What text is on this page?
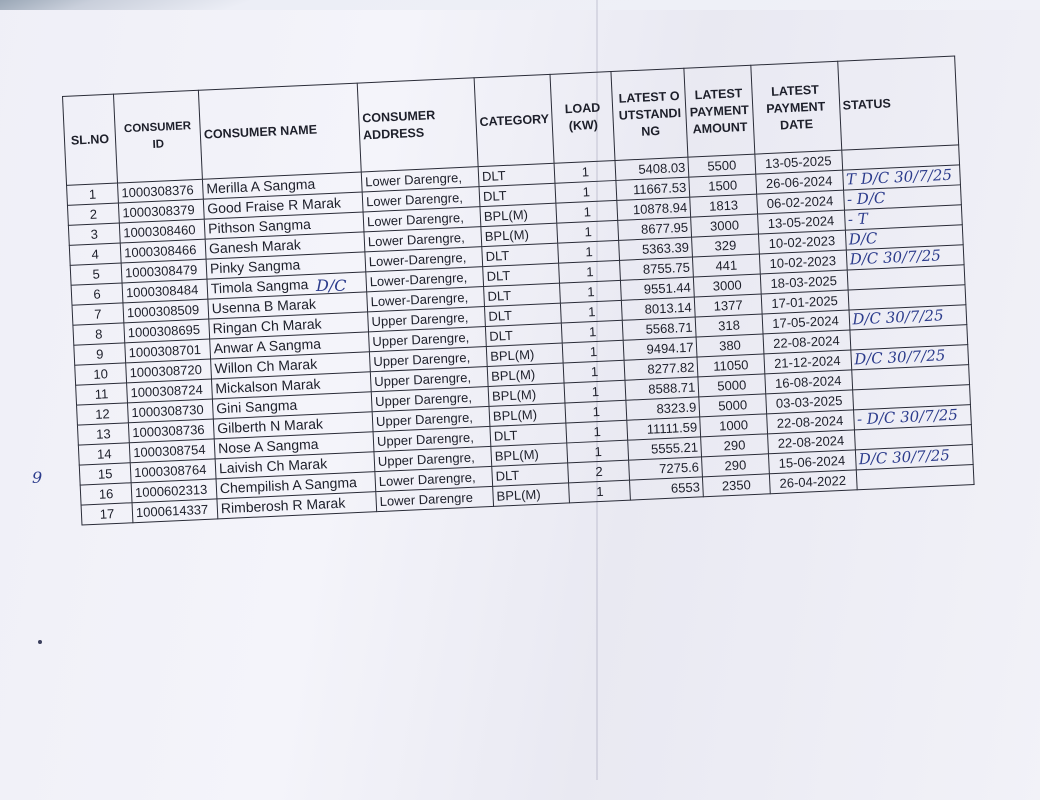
SL.NO	CONSUMER ID	CONSUMER NAME	CONSUMER ADDRESS	CATEGORY	LOAD (KW)	LATEST OUTSTANDING	LATEST PAYMENT AMOUNT	LATEST PAYMENT DATE	STATUS
1	1000308376	Merilla A Sangma	Lower Darengre,	DLT	1	5408.03	5500	13-05-2025	
2	1000308379	Good Fraise R Marak	Lower Darengre,	DLT	1	11667.53	1500	26-06-2024	T D/C 30/7/25
3	1000308460	Pithson Sangma	Lower Darengre,	BPL(M)	1	10878.94	1813	06-02-2024	- D/C
4	1000308466	Ganesh Marak	Lower Darengre,	BPL(M)	1	8677.95	3000	13-05-2024	- T
5	1000308479	Pinky Sangma	Lower-Darengre,	DLT	1	5363.39	329	10-02-2023	D/C
6	1000308484	Timola Sangma	Lower-Darengre,	DLT	1	8755.75	441	10-02-2023	D/C 30/7/25
7	1000308509	Usenna B Marak	Lower-Darengre,	DLT	1	9551.44	3000	18-03-2025	
8	1000308695	Ringan Ch Marak	Upper Darengre,	DLT	1	8013.14	1377	17-01-2025	
9	1000308701	Anwar A Sangma	Upper Darengre,	DLT	1	5568.71	318	17-05-2024	D/C 30/7/25
10	1000308720	Willon Ch Marak	Upper Darengre,	BPL(M)	1	9494.17	380	22-08-2024	
11	1000308724	Mickalson Marak	Upper Darengre,	BPL(M)	1	8277.82	11050	21-12-2024	D/C 30/7/25
12	1000308730	Gini Sangma	Upper Darengre,	BPL(M)	1	8588.71	5000	16-08-2024	
13	1000308736	Gilberth N Marak	Upper Darengre,	BPL(M)	1	8323.9	5000	03-03-2025	
14	1000308754	Nose A Sangma	Upper Darengre,	DLT	1	11111.59	1000	22-08-2024	- D/C 30/7/25
15	1000308764	Laivish Ch Marak	Upper Darengre,	BPL(M)	1	5555.21	290	22-08-2024	
16	1000602313	Chempilish A Sangma	Lower Darengre,	DLT	2	7275.6	290	15-06-2024	D/C 30/7/25
17	1000614337	Rimberosh R Marak	Lower Darengre	BPL(M)	1	6553	2350	26-04-2022	
9
D/C
